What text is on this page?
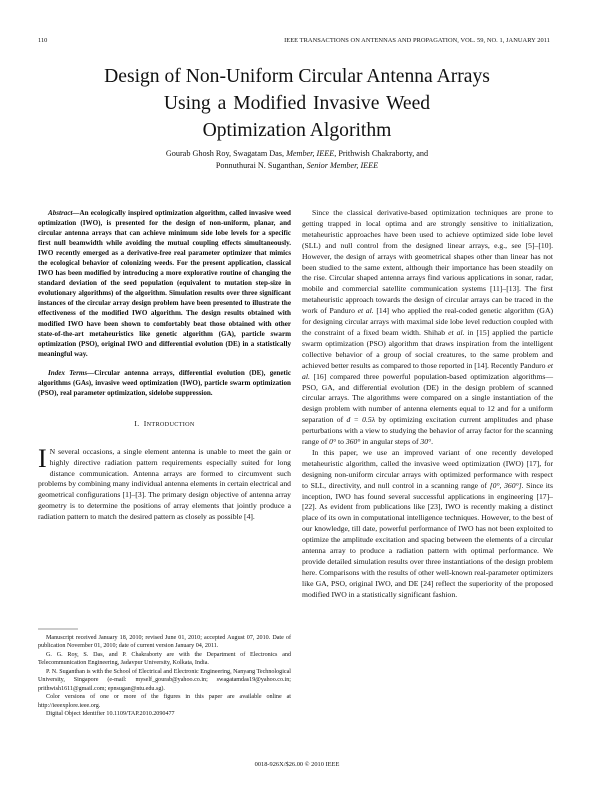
110	IEEE TRANSACTIONS ON ANTENNAS AND PROPAGATION, VOL. 59, NO. 1, JANUARY 2011
Design of Non-Uniform Circular Antenna Arrays
Using a Modified Invasive Weed
Optimization Algorithm
Gourab Ghosh Roy, Swagatam Das, Member, IEEE, Prithwish Chakraborty, and
Ponnuthurai N. Suganthan, Senior Member, IEEE

Abstract—An ecologically inspired optimization algorithm, called invasive weed optimization (IWO), is presented for the design of non-uniform, planar, and circular antenna arrays that can achieve minimum side lobe levels for a specific first null beamwidth while avoiding the mutual coupling effects simultaneously. IWO recently emerged as a derivative-free real parameter optimizer that mimics the ecological behavior of colonizing weeds. For the present application, classical IWO has been modified by introducing a more explorative routine of changing the standard deviation of the seed population (equivalent to mutation step-size in evolutionary algorithms) of the algorithm. Simulation results over three significant instances of the circular array design problem have been presented to illustrate the effectiveness of the modified IWO algorithm. The design results obtained with modified IWO have been shown to comfortably beat those obtained with other state-of-the-art metaheuristics like genetic algorithm (GA), particle swarm optimization (PSO), original IWO and differential evolution (DE) in a statistically meaningful way.

Index Terms—Circular antenna arrays, differential evolution (DE), genetic algorithms (GAs), invasive weed optimization (IWO), particle swarm optimization (PSO), real parameter optimization, sidelobe suppression.

I. INTRODUCTION

I N several occasions, a single element antenna is unable to meet the gain or highly directive radiation pattern requirements especially suited for long distance communication. Antenna arrays are formed to circumvent such problems by combining many individual antenna elements in certain electrical and geometrical configurations [1]–[3]. The primary design objective of antenna array geometry is to determine the positions of array elements that jointly produce a radiation pattern to match the desired pattern as closely as possible [4].

Manuscript received January 18, 2010; revised June 01, 2010; accepted August 07, 2010. Date of publication November 01, 2010; date of current version January 04, 2011.

G. G. Roy, S. Das, and P. Chakraborty are with the Department of Electronics and Telecommunication Engineering, Jadavpur University, Kolkata, India.

P. N. Suganthan is with the School of Electrical and Electronic Engineering, Nanyang Technological University, Singapore (e-mail: myself_gourab@yahoo.co.in; swagatamdas19@yahoo.co.in; prithwish1611@gmail.com; epnsugan@ntu.edu.sg).

Color versions of one or more of the figures in this paper are available online at http://ieeexplore.ieee.org.

Digital Object Identifier 10.1109/TAP.2010.2090477

Since the classical derivative-based optimization techniques are prone to getting trapped in local optima and are strongly sensitive to initialization, metaheuristic approaches have been used to achieve optimized side lobe level (SLL) and null control from the designed linear arrays, e.g., see [5]–[10]. However, the design of arrays with geometrical shapes other than linear has not been studied to the same extent, although their importance has been steadily on the rise. Circular shaped antenna arrays find various applications in sonar, radar, mobile and commercial satellite communication systems [11]–[13]. The first metaheuristic approach towards the design of circular arrays can be traced in the work of Panduro et al. [14] who applied the real-coded genetic algorithm (GA) for designing circular arrays with maximal side lobe level reduction coupled with the constraint of a fixed beam width. Shihab et al. in [15] applied the particle swarm optimization (PSO) algorithm that draws inspiration from the intelligent collective behavior of a group of social creatures, to the same problem and achieved better results as compared to those reported in [14]. Recently Panduro et al. [16] compared three powerful population-based optimization algorithms—PSO, GA, and differential evolution (DE) in the design problem of scanned circular arrays. The algorithms were compared on a single instantiation of the design problem with number of antenna elements equal to 12 and for a uniform separation of d = 0.5λ by optimizing excitation current amplitudes and phase perturbations with a view to studying the behavior of array factor for the scanning range of 0° to 360° in angular steps of 30°.

In this paper, we use an improved variant of one recently developed metaheuristic algorithm, called the invasive weed optimization (IWO) [17], for designing non-uniform circular arrays with optimized performance with respect to SLL, directivity, and null control in a scanning range of [0°, 360°]. Since its inception, IWO has found several successful applications in engineering [17]–[22]. As evident from publications like [23], IWO is recently making a distinct place of its own in computational intelligence techniques. However, to the best of our knowledge, till date, powerful performance of IWO has not been exploited to optimize the amplitude excitation and spacing between the elements of a circular antenna array to produce a radiation pattern with optimal performance. We provide detailed simulation results over three instantiations of the design problem here. Comparisons with the results of other well-known real-parameter optimizers like GA, PSO, original IWO, and DE [24] reflect the superiority of the proposed modified IWO in a statistically significant fashion.

0018-926X/$26.00 © 2010 IEEE
